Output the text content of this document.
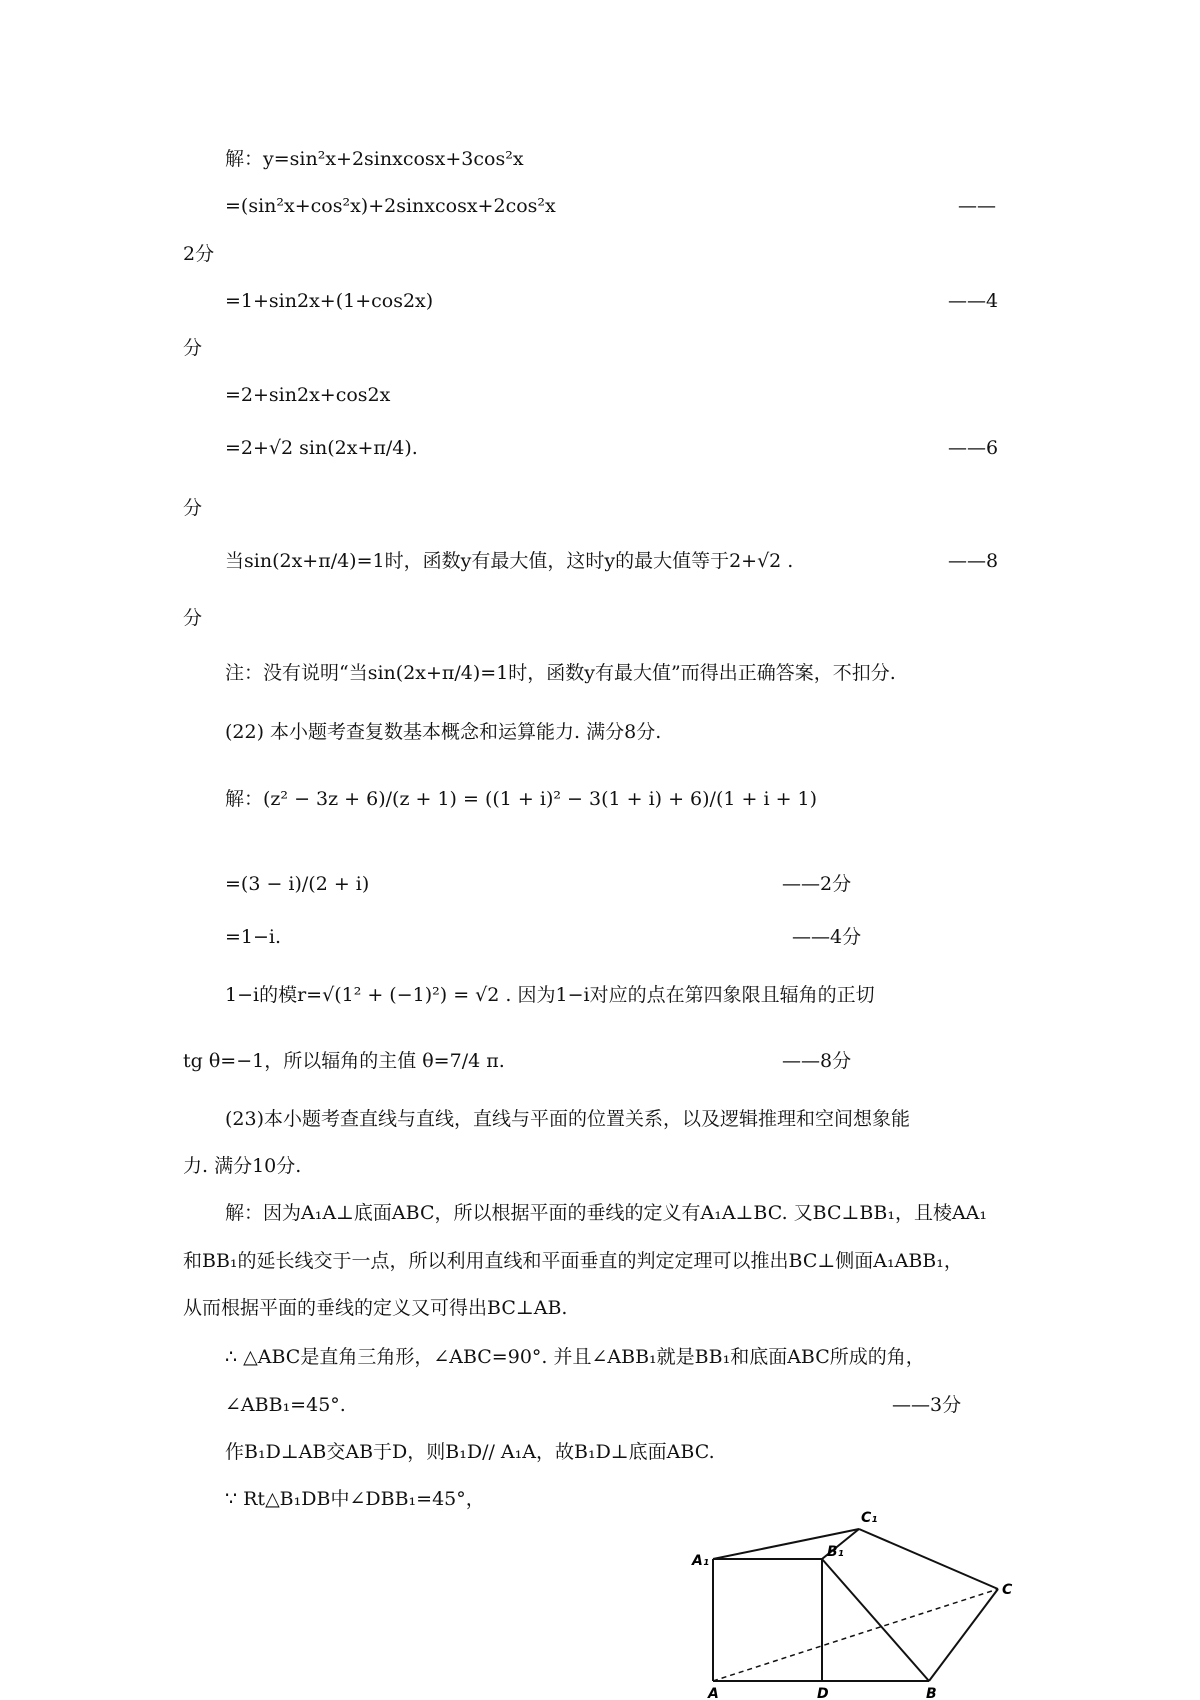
解：y=sin²x+2sinxcosx+3cos²x
=(sin²x+cos²x)+2sinxcosx+2cos²x
2分
=1+sin2x+(1+cos2x)
分
=2+sin2x+cos2x
=2+√2 sin(2x+π/4).
分
当sin(2x+π/4)=1时，函数y有最大值，这时y的最大值等于2+√2 .
分
注：没有说明“当sin(2x+π/4)=1时，函数y有最大值”而得出正确答案，不扣分.
(22) 本小题考查复数基本概念和运算能力. 满分8分.
解：(z² − 3z + 6)/(z + 1) = ((1 + i)² − 3(1 + i) + 6)/(1 + i + 1)
=(3 − i)/(2 + i)
=1−i.
1−i的模r=√(1² + (−1)²) = √2 . 因为1−i对应的点在第四象限且辐角的正切
tg θ=−1，所以辐角的主值 θ=7/4 π.
(23)本小题考查直线与直线，直线与平面的位置关系，以及逻辑推理和空间想象能
力. 满分10分.
解：因为A₁A⊥底面ABC，所以根据平面的垂线的定义有A₁A⊥BC. 又BC⊥BB₁，且棱AA₁
和BB₁的延长线交于一点，所以利用直线和平面垂直的判定定理可以推出BC⊥侧面A₁ABB₁，
从而根据平面的垂线的定义又可得出BC⊥AB.
∴ △ABC是直角三角形，∠ABC=90°. 并且∠ABB₁就是BB₁和底面ABC所成的角，
∠ABB₁=45°.
作B₁D⊥AB交AB于D，则B₁D// A₁A，故B₁D⊥底面ABC.
∵ Rt△B₁DB中∠DBB₁=45°，
——
——4
——6
——8
——2分
——4分
——8分
——3分
A₁
B₁
C₁
C
A	D	B
